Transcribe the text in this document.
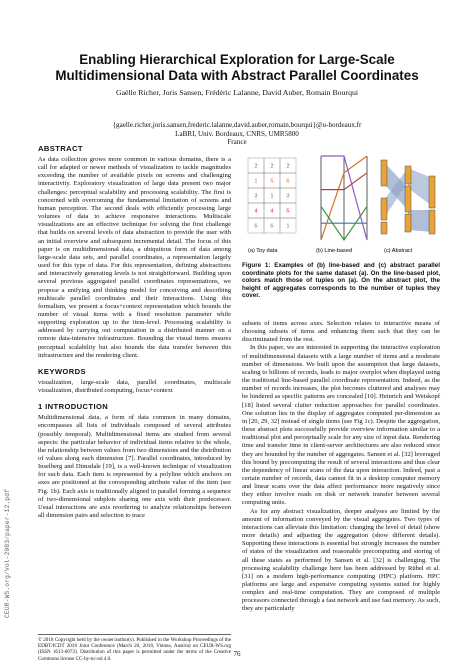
CEUR-WS.org/Vol-2083/paper-12.pdf
Enabling Hierarchical Exploration for Large-Scale
Multidimensional Data with Abstract Parallel Coordinates
Gaëlle Richer, Joris Sansen, Frédéric Lalanne, David Auber, Romain Bourqui
{gaelle.richer,joris.sansen,frederic.lalanne,david.auber,romain.bourqui}@u-bordeaux.fr
LaBRI, Univ. Bordeaux, CNRS, UMR5800
France
ABSTRACT

As data collection grows more common in various domains, there is a call for adapted or newer methods of visualization to tackle magnitudes exceeding the number of available pixels on screens and challenging interactivity. Exploratory visualization of large data present two major challenges: perceptual scalability and processing scalability. The first is concerned with overcoming the fundamental limitation of screens and human perception. The second deals with efficiently processing large volumes of data to achieve responsive interactions. Multiscale visualizations are an effective technique for solving the first challenge that builds on several levels of data abstraction to provide the user with an initial overview and subsequent incremental detail. The focus of this paper is on multidimensional data, a ubiquitous form of data among large-scale data sets, and parallel coordinates, a representation largely used for this type of data. For this representation, defining abstractions and interactively generating levels is not straightforward. Building upon several previous aggregated parallel coordinates representations, we propose a unifying and thinking model for conceiving and describing multiscale parallel coordinates and their interactions. Using this formalism, we present a focus+context representation which bounds the number of visual items with a fixed resolution parameter while supporting exploration up to the item-level. Processing scalability is addressed by carrying out computation in a distributed manner on a remote data-intensive infrastructure. Bounding the visual items ensures perceptual scalability but also bounds the data transfer between this infrastructure and the rendering client.

KEYWORDS

visualization, large-scale data, parallel coordinates, multiscale visualization, distributed computing, focus+context

1 INTRODUCTION

Multidimensional data, a form of data common in many domains, encompasses all lists of individuals composed of several attributes (possibly temporal). Multidimensional items are studied from several aspects: the particular behavior of individual items relative to the whole, the relationship between values from two dimensions and the distribution of values along each dimension [7]. Parallel coordinates, introduced by Inselberg and Dimsdale [19], is a well-known technique of visualization for such data. Each item is represented by a polyline which anchors on axes are positioned at the corresponding attribute value of the item (see Fig. 1b). Each axis is traditionally aligned in parallel forming a sequence of two-dimensional subplots sharing one axis with their predecessor. Usual interactions are axis reordering to analyze relationships between all dimension pairs and selection to trace

© 2018 Copyright held by the owner/author(s). Published in the Workshop Proceedings of the EDBT/ICDT 2018 Joint Conference (March 26, 2018, Vienna, Austria) on CEUR-WS.org (ISSN 1613-0073). Distribution of this paper is permitted under the terms of the Creative Commons license CC-by-nc-nd 4.0.
76
2 2 2
1 5 6
3 1 3
4 4 5
6 6 1
(a) Toy data	(b) Line-based	(c) Abstract
Figure 1: Examples of (b) line-based and (c) abstract parallel coordinate plots for the same dataset (a). On the line-based plot, colors match those of tuples on (a). On the abstract plot, the height of aggregates corresponds to the number of tuples they cover.

subsets of items across axes. Selection relates to interactive means of choosing subsets of items and enhancing them such that they can be discriminated from the rest.

In this paper, we are interested in supporting the interactive exploration of multidimensional datasets with a large number of items and a moderate number of dimensions. We built upon the assumption that large datasets, scaling to billions of records, leads to major overplot when displayed using the traditional line-based parallel coordinate representation. Indeed, as the number of records increases, the plot becomes cluttered and analyses may be hindered as specific patterns are concealed [10]. Heinrich and Weiskopf [18] listed several clutter reduction approaches for parallel coordinates. One solution lies in the display of aggregates computed per-dimension as in [20, 29, 32] instead of single items (see Fig 1c). Despite the aggregation, these abstract plots successfully provide overview information similar to a traditional plot and perceptually scale for any size of input data. Rendering time and transfer time in client-server architectures are also reduced since they are bounded by the number of aggregates. Sansen et al. [32] leveraged this bound by precomputing the result of several interactions and thus clear the dependency of linear scans of the data upon interaction. Indeed, past a certain number of records, data cannot fit in a desktop computer memory and linear scans over the data affect performance more negatively since they either involve reads on disk or network transfer between several computing units.

As for any abstract visualization, deeper analyses are limited by the amount of information conveyed by the visual aggregates. Two types of interactions can alleviate this limitation: changing the level of detail (show more details) and adjusting the aggregation (show different details). Supporting these interactions is essential but strongly increases the number of states of the visualization and reasonable precomputing and storing of all these states as performed by Sansen et al. [32] is challenging. The processing scalability challenge here has been addressed by Rübel et al. [31] on a modern high-performance computing (HPC) platform. HPC platforms are large and expensive computing systems suited for highly complex and real-time computation. They are composed of multiple processors connected through a fast network and use fast memory. As such, they are particularly
